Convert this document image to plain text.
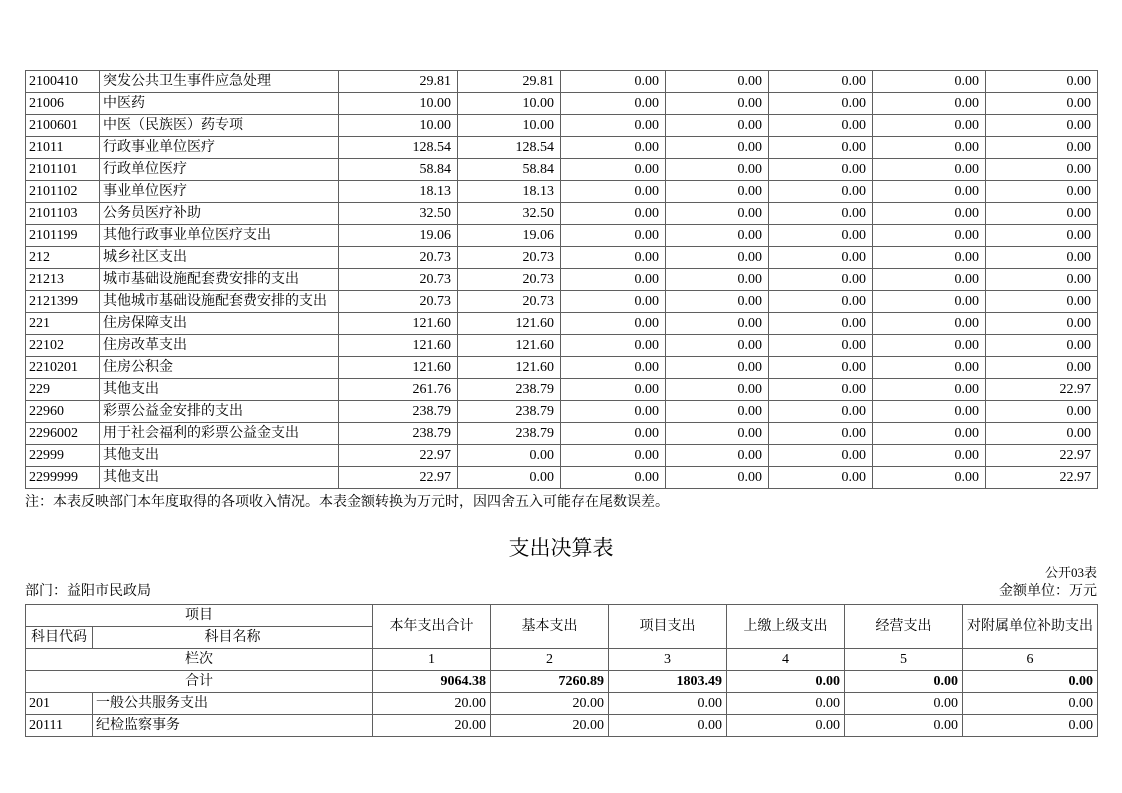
2100410	突发公共卫生事件应急处理	29.81	29.81	0.00	0.00	0.00	0.00	0.00
21006	中医药	10.00	10.00	0.00	0.00	0.00	0.00	0.00
2100601	中医（民族医）药专项	10.00	10.00	0.00	0.00	0.00	0.00	0.00
21011	行政事业单位医疗	128.54	128.54	0.00	0.00	0.00	0.00	0.00
2101101	行政单位医疗	58.84	58.84	0.00	0.00	0.00	0.00	0.00
2101102	事业单位医疗	18.13	18.13	0.00	0.00	0.00	0.00	0.00
2101103	公务员医疗补助	32.50	32.50	0.00	0.00	0.00	0.00	0.00
2101199	其他行政事业单位医疗支出	19.06	19.06	0.00	0.00	0.00	0.00	0.00
212	城乡社区支出	20.73	20.73	0.00	0.00	0.00	0.00	0.00
21213	城市基础设施配套费安排的支出	20.73	20.73	0.00	0.00	0.00	0.00	0.00
2121399	其他城市基础设施配套费安排的支出	20.73	20.73	0.00	0.00	0.00	0.00	0.00
221	住房保障支出	121.60	121.60	0.00	0.00	0.00	0.00	0.00
22102	住房改革支出	121.60	121.60	0.00	0.00	0.00	0.00	0.00
2210201	住房公积金	121.60	121.60	0.00	0.00	0.00	0.00	0.00
229	其他支出	261.76	238.79	0.00	0.00	0.00	0.00	22.97
22960	彩票公益金安排的支出	238.79	238.79	0.00	0.00	0.00	0.00	0.00
2296002	用于社会福利的彩票公益金支出	238.79	238.79	0.00	0.00	0.00	0.00	0.00
22999	其他支出	22.97	0.00	0.00	0.00	0.00	0.00	22.97
2299999	其他支出	22.97	0.00	0.00	0.00	0.00	0.00	22.97
注：本表反映部门本年度取得的各项收入情况。本表金额转换为万元时，因四舍五入可能存在尾数误差。
支出决算表
公开03表
部门：益阳市民政局	金额单位：万元
项目		本年支出合计	基本支出	项目支出	上缴上级支出	经营支出	对附属单位补助支出
科目代码	科目名称						
栏次		1	2	3	4	5	6
合计		9064.38	7260.89	1803.49	0.00	0.00	0.00
201	一般公共服务支出	20.00	20.00	0.00	0.00	0.00	0.00
20111	纪检监察事务	20.00	20.00	0.00	0.00	0.00	0.00
